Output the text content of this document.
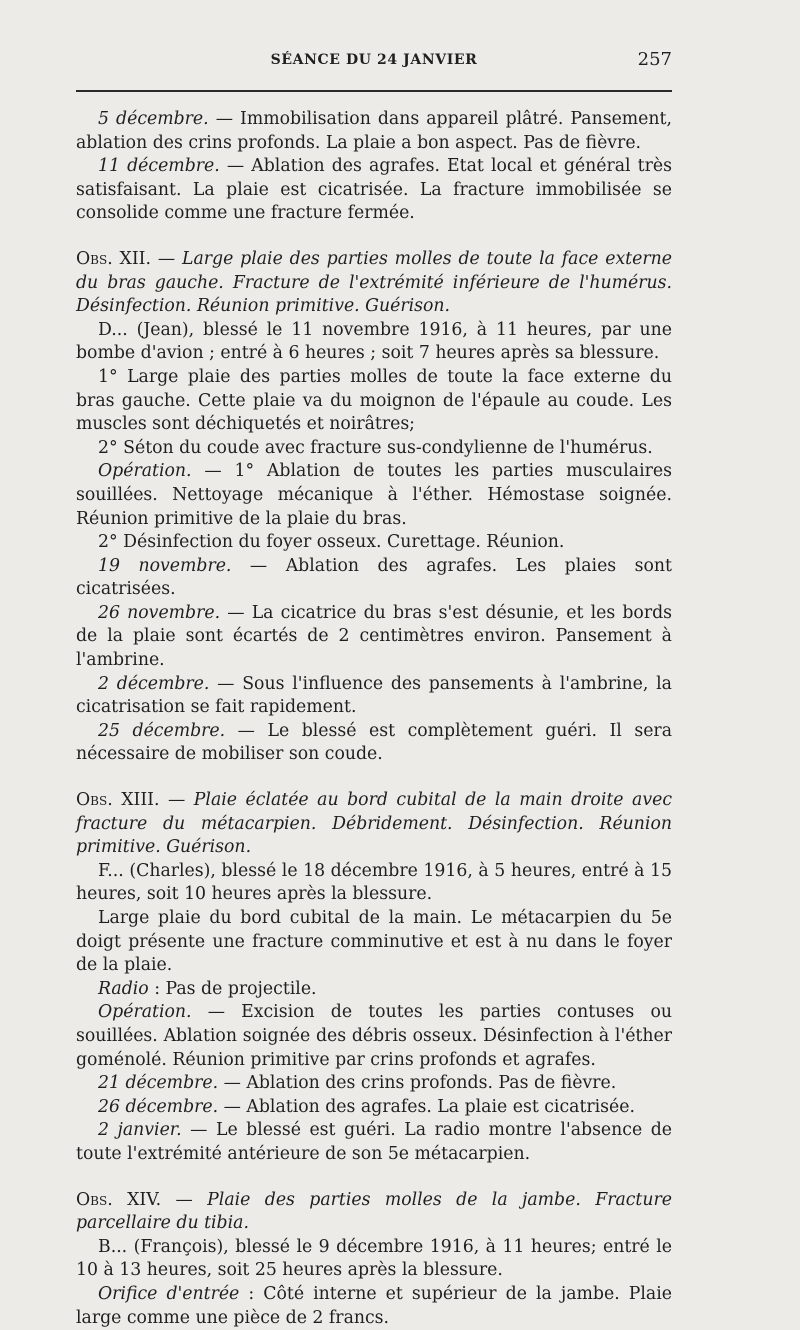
SÉANCE DU 24 JANVIER	257

5 décembre. — Immobilisation dans appareil plâtré. Pansement, ablation des crins profonds. La plaie a bon aspect. Pas de fièvre.

11 décembre. — Ablation des agrafes. Etat local et général très satisfaisant. La plaie est cicatrisée. La fracture immobilisée se consolide comme une fracture fermée.

Obs. XII. — Large plaie des parties molles de toute la face externe du bras gauche. Fracture de l'extrémité inférieure de l'humérus. Désinfection. Réunion primitive. Guérison.

D... (Jean), blessé le 11 novembre 1916, à 11 heures, par une bombe d'avion ; entré à 6 heures ; soit 7 heures après sa blessure.

1° Large plaie des parties molles de toute la face externe du bras gauche. Cette plaie va du moignon de l'épaule au coude. Les muscles sont déchiquetés et noirâtres;

2° Séton du coude avec fracture sus-condylienne de l'humérus.

Opération. — 1° Ablation de toutes les parties musculaires souillées. Nettoyage mécanique à l'éther. Hémostase soignée. Réunion primitive de la plaie du bras.

2° Désinfection du foyer osseux. Curettage. Réunion.

19 novembre. — Ablation des agrafes. Les plaies sont cicatrisées.

26 novembre. — La cicatrice du bras s'est désunie, et les bords de la plaie sont écartés de 2 centimètres environ. Pansement à l'ambrine.

2 décembre. — Sous l'influence des pansements à l'ambrine, la cicatrisation se fait rapidement.

25 décembre. — Le blessé est complètement guéri. Il sera nécessaire de mobiliser son coude.

Obs. XIII. — Plaie éclatée au bord cubital de la main droite avec fracture du métacarpien. Débridement. Désinfection. Réunion primitive. Guérison.

F... (Charles), blessé le 18 décembre 1916, à 5 heures, entré à 15 heures, soit 10 heures après la blessure.

Large plaie du bord cubital de la main. Le métacarpien du 5e doigt présente une fracture comminutive et est à nu dans le foyer de la plaie.

Radio : Pas de projectile.

Opération. — Excision de toutes les parties contuses ou souillées. Ablation soignée des débris osseux. Désinfection à l'éther goménolé. Réunion primitive par crins profonds et agrafes.

21 décembre. — Ablation des crins profonds. Pas de fièvre.

26 décembre. — Ablation des agrafes. La plaie est cicatrisée.

2 janvier. — Le blessé est guéri. La radio montre l'absence de toute l'extrémité antérieure de son 5e métacarpien.

Obs. XIV. — Plaie des parties molles de la jambe. Fracture parcellaire du tibia.

B... (François), blessé le 9 décembre 1916, à 11 heures; entré le 10 à 13 heures, soit 25 heures après la blessure.

Orifice d'entrée : Côté interne et supérieur de la jambe. Plaie large comme une pièce de 2 francs.
